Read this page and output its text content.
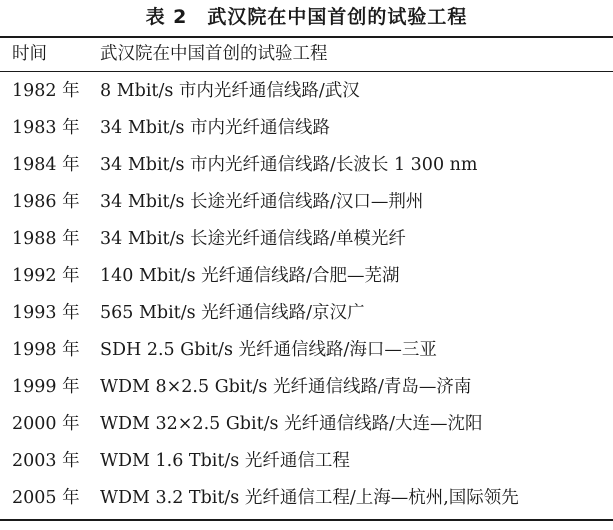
表 2 武汉院在中国首创的试验工程
时间	武汉院在中国首创的试验工程
1982 年 8 Mbit/s 市内光纤通信线路/武汉
1983 年 34 Mbit/s 市内光纤通信线路
1984 年 34 Mbit/s 市内光纤通信线路/长波长 1 300 nm
1986 年 34 Mbit/s 长途光纤通信线路/汉口—荆州
1988 年 34 Mbit/s 长途光纤通信线路/单模光纤
1992 年 140 Mbit/s 光纤通信线路/合肥—芜湖
1993 年 565 Mbit/s 光纤通信线路/京汉广
1998 年 SDH 2.5 Gbit/s 光纤通信线路/海口—三亚
1999 年 WDM 8×2.5 Gbit/s 光纤通信线路/青岛—济南
2000 年 WDM 32×2.5 Gbit/s 光纤通信线路/大连—沈阳
2003 年 WDM 1.6 Tbit/s 光纤通信工程
2005 年 WDM 3.2 Tbit/s 光纤通信工程/上海—杭州,国际领先
